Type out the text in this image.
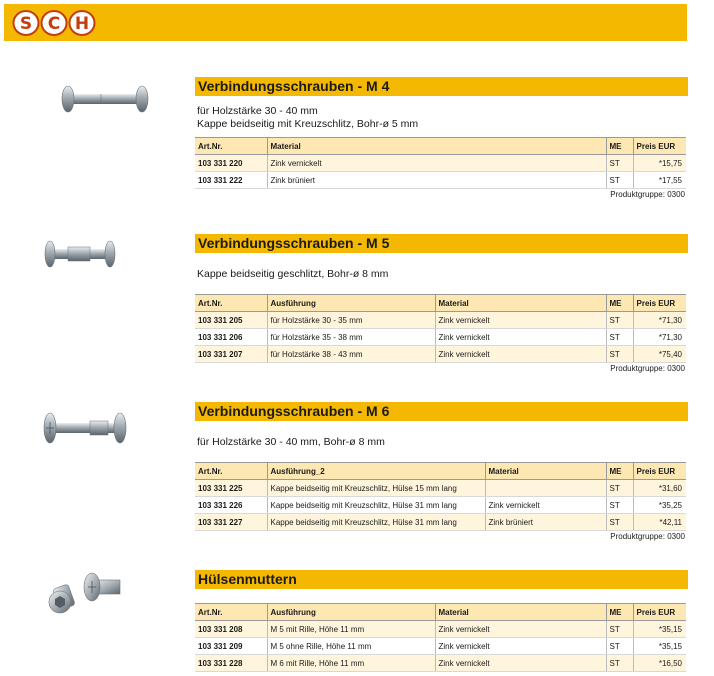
S C H
Verbindungsschrauben - M 4
für Holzstärke 30 - 40 mm
Kappe beidseitig mit Kreuzschlitz, Bohr-ø 5 mm
Art.Nr.	Material	ME	Preis EUR
103 331 220	Zink vernickelt	ST	*15,75
103 331 222	Zink brüniert	ST	*17,55
Produktgruppe: 0300
Verbindungsschrauben - M 5
Kappe beidseitig geschlitzt, Bohr-ø 8 mm
Art.Nr.	Ausführung	Material	ME	Preis EUR
103 331 205	für Holzstärke 30 - 35 mm	Zink vernickelt	ST	*71,30
103 331 206	für Holzstärke 35 - 38 mm	Zink vernickelt	ST	*71,30
103 331 207	für Holzstärke 38 - 43 mm	Zink vernickelt	ST	*75,40
Produktgruppe: 0300
Verbindungsschrauben - M 6
für Holzstärke 30 - 40 mm, Bohr-ø 8 mm
Art.Nr.	Ausführung_2	Material	ME	Preis EUR
103 331 225	Kappe beidseitig mit Kreuzschlitz, Hülse 15 mm lang		ST	*31,60
103 331 226	Kappe beidseitig mit Kreuzschlitz, Hülse 31 mm lang	Zink vernickelt	ST	*35,25
103 331 227	Kappe beidseitig mit Kreuzschlitz, Hülse 31 mm lang	Zink brüniert	ST	*42,11
Produktgruppe: 0300
Hülsenmuttern
Art.Nr.	Ausführung	Material	ME	Preis EUR
103 331 208	M 5 mit Rille, Höhe 11 mm	Zink vernickelt	ST	*35,15
103 331 209	M 5 ohne Rille, Höhe 11 mm	Zink vernickelt	ST	*35,15
103 331 228	M 6 mit Rille, Höhe 11 mm	Zink vernickelt	ST	*16,50
